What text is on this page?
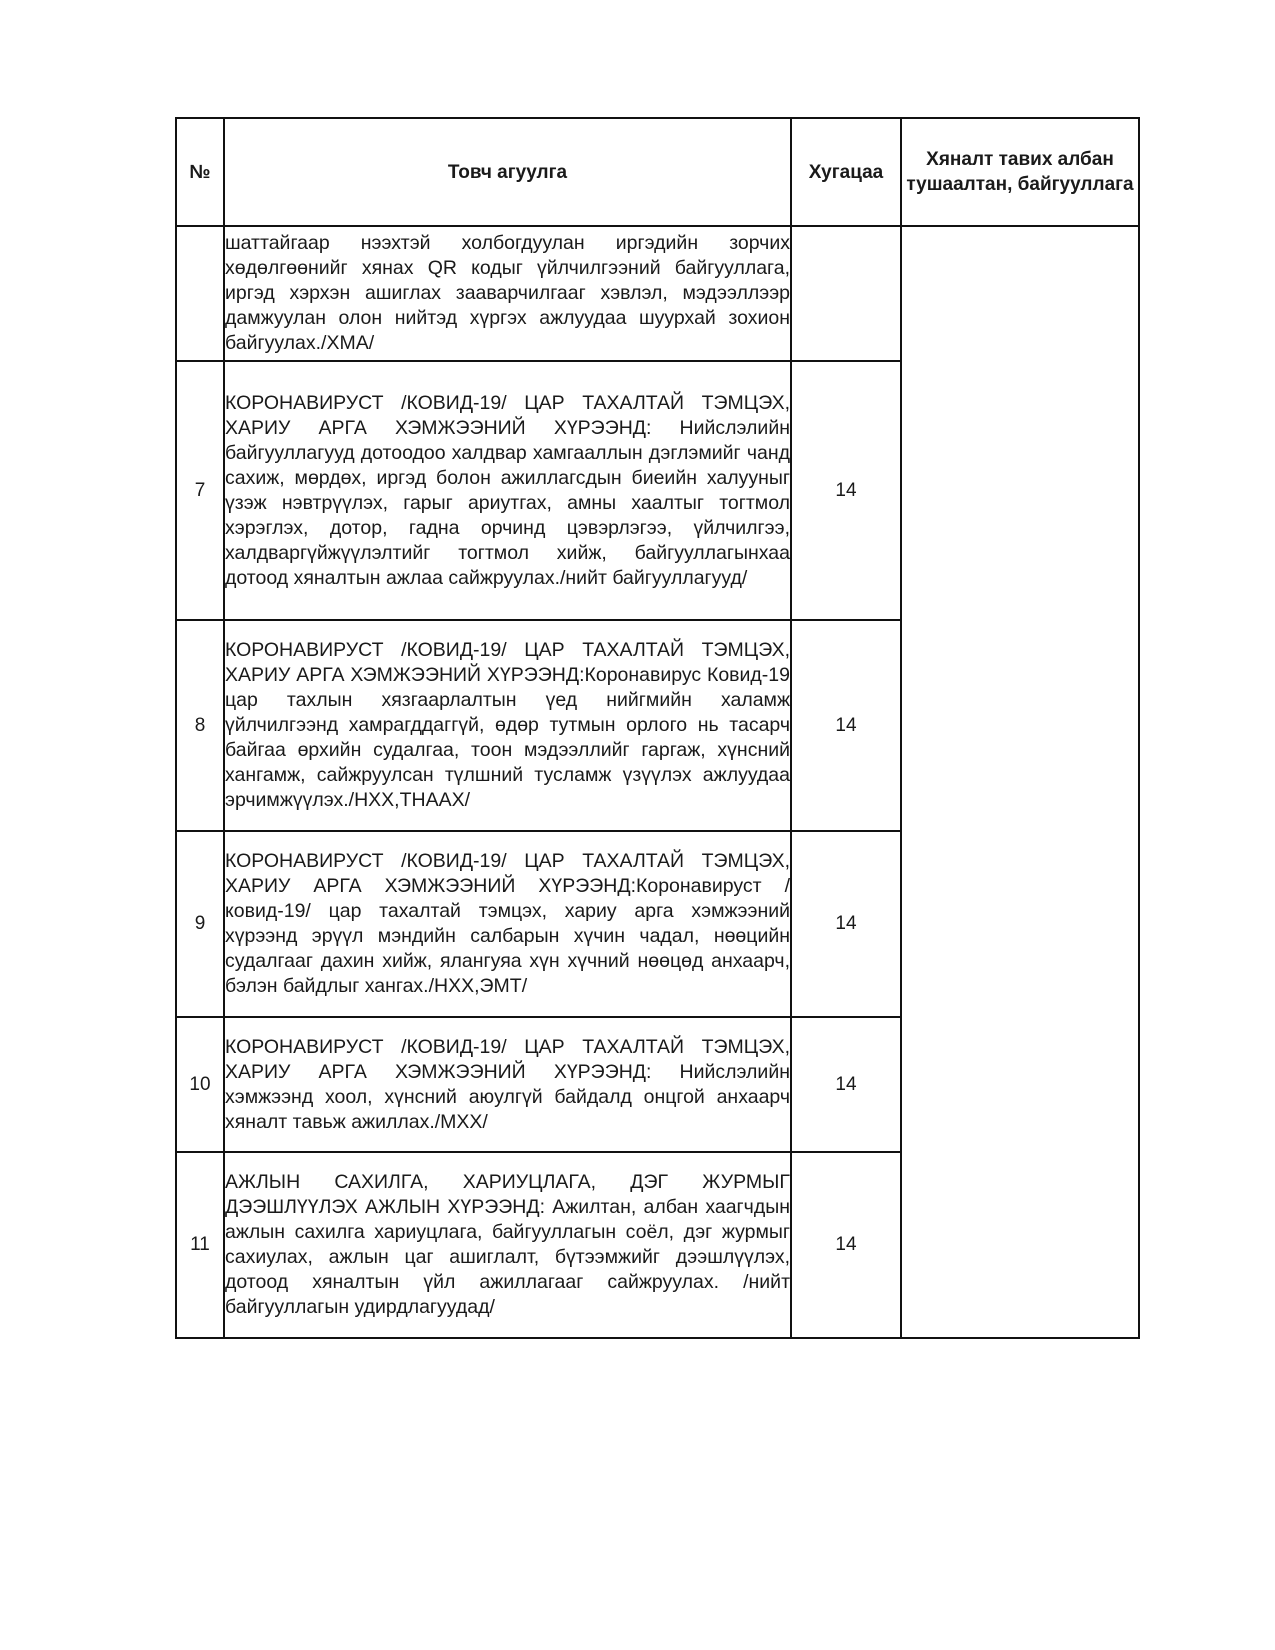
№	Товч агуулга	Хугацаа	Хяналт тавих албан тушаалтан, байгууллага

	шаттайгаар нээхтэй холбогдуулан иргэдийн зорчих хөдөлгөөнийг хянах QR кодыг үйлчилгээний байгууллага, иргэд хэрхэн ашиглах зааварчилгааг хэвлэл, мэдээллээр дамжуулан олон нийтэд хүргэх ажлуудаа шуурхай зохион байгуулах./ХМА/		

7	КОРОНАВИРУСТ /КОВИД-19/ ЦАР ТАХАЛТАЙ ТЭМЦЭХ, ХАРИУ АРГА ХЭМЖЭЭНИЙ ХҮРЭЭНД: Нийслэлийн байгууллагууд дотоодоо халдвар хамгааллын дэглэмийг чанд сахиж, мөрдөх, иргэд болон ажиллагсдын биеийн халууныг үзэж нэвтрүүлэх, гарыг ариутгах, амны хаалтыг тогтмол хэрэглэх, дотор, гадна орчинд цэвэрлэгээ, үйлчилгээ, халдваргүйжүүлэлтийг тогтмол хийж, байгууллагынхаа дотоод хяналтын ажлаа сайжруулах./нийт байгууллагууд/	14	
8	КОРОНАВИРУСТ /КОВИД-19/ ЦАР ТАХАЛТАЙ ТЭМЦЭХ, ХАРИУ АРГА ХЭМЖЭЭНИЙ ХҮРЭЭНД:Коронавирус Ковид-19 цар тахлын хязгаарлалтын үед нийгмийн халамж үйлчилгээнд хамрагддаггүй, өдөр тутмын орлого нь тасарч байгаа өрхийн судалгаа, тоон мэдээллийг гаргаж, хүнсний хангамж, сайжруулсан түлшний тусламж үзүүлэх ажлуудаа эрчимжүүлэх./НХХ,ТНААХ/	14	
9	КОРОНАВИРУСТ /КОВИД-19/ ЦАР ТАХАЛТАЙ ТЭМЦЭХ, ХАРИУ АРГА ХЭМЖЭЭНИЙ ХҮРЭЭНД:Коронавируст /ковид-19/ цар тахалтай тэмцэх, хариу арга хэмжээний хүрээнд эрүүл мэндийн салбарын хүчин чадал, нөөцийн судалгааг дахин хийж, ялангуяа хүн хүчний нөөцөд анхаарч, бэлэн байдлыг хангах./НХХ,ЭМТ/	14	
10	КОРОНАВИРУСТ /КОВИД-19/ ЦАР ТАХАЛТАЙ ТЭМЦЭХ, ХАРИУ АРГА ХЭМЖЭЭНИЙ ХҮРЭЭНД: Нийслэлийн хэмжээнд хоол, хүнсний аюулгүй байдалд онцгой анхаарч хяналт тавьж ажиллах./МХХ/	14	
11	АЖЛЫН САХИЛГА, ХАРИУЦЛАГА, ДЭГ ЖУРМЫГ ДЭЭШЛҮҮЛЭХ АЖЛЫН ХҮРЭЭНД: Ажилтан, албан хаагчдын ажлын сахилга хариуцлага, байгууллагын соёл, дэг журмыг сахиулах, ажлын цаг ашиглалт, бүтээмжийг дээшлүүлэх, дотоод хяналтын үйл ажиллагааг сайжруулах. /нийт байгууллагын удирдлагуудад/	14	
